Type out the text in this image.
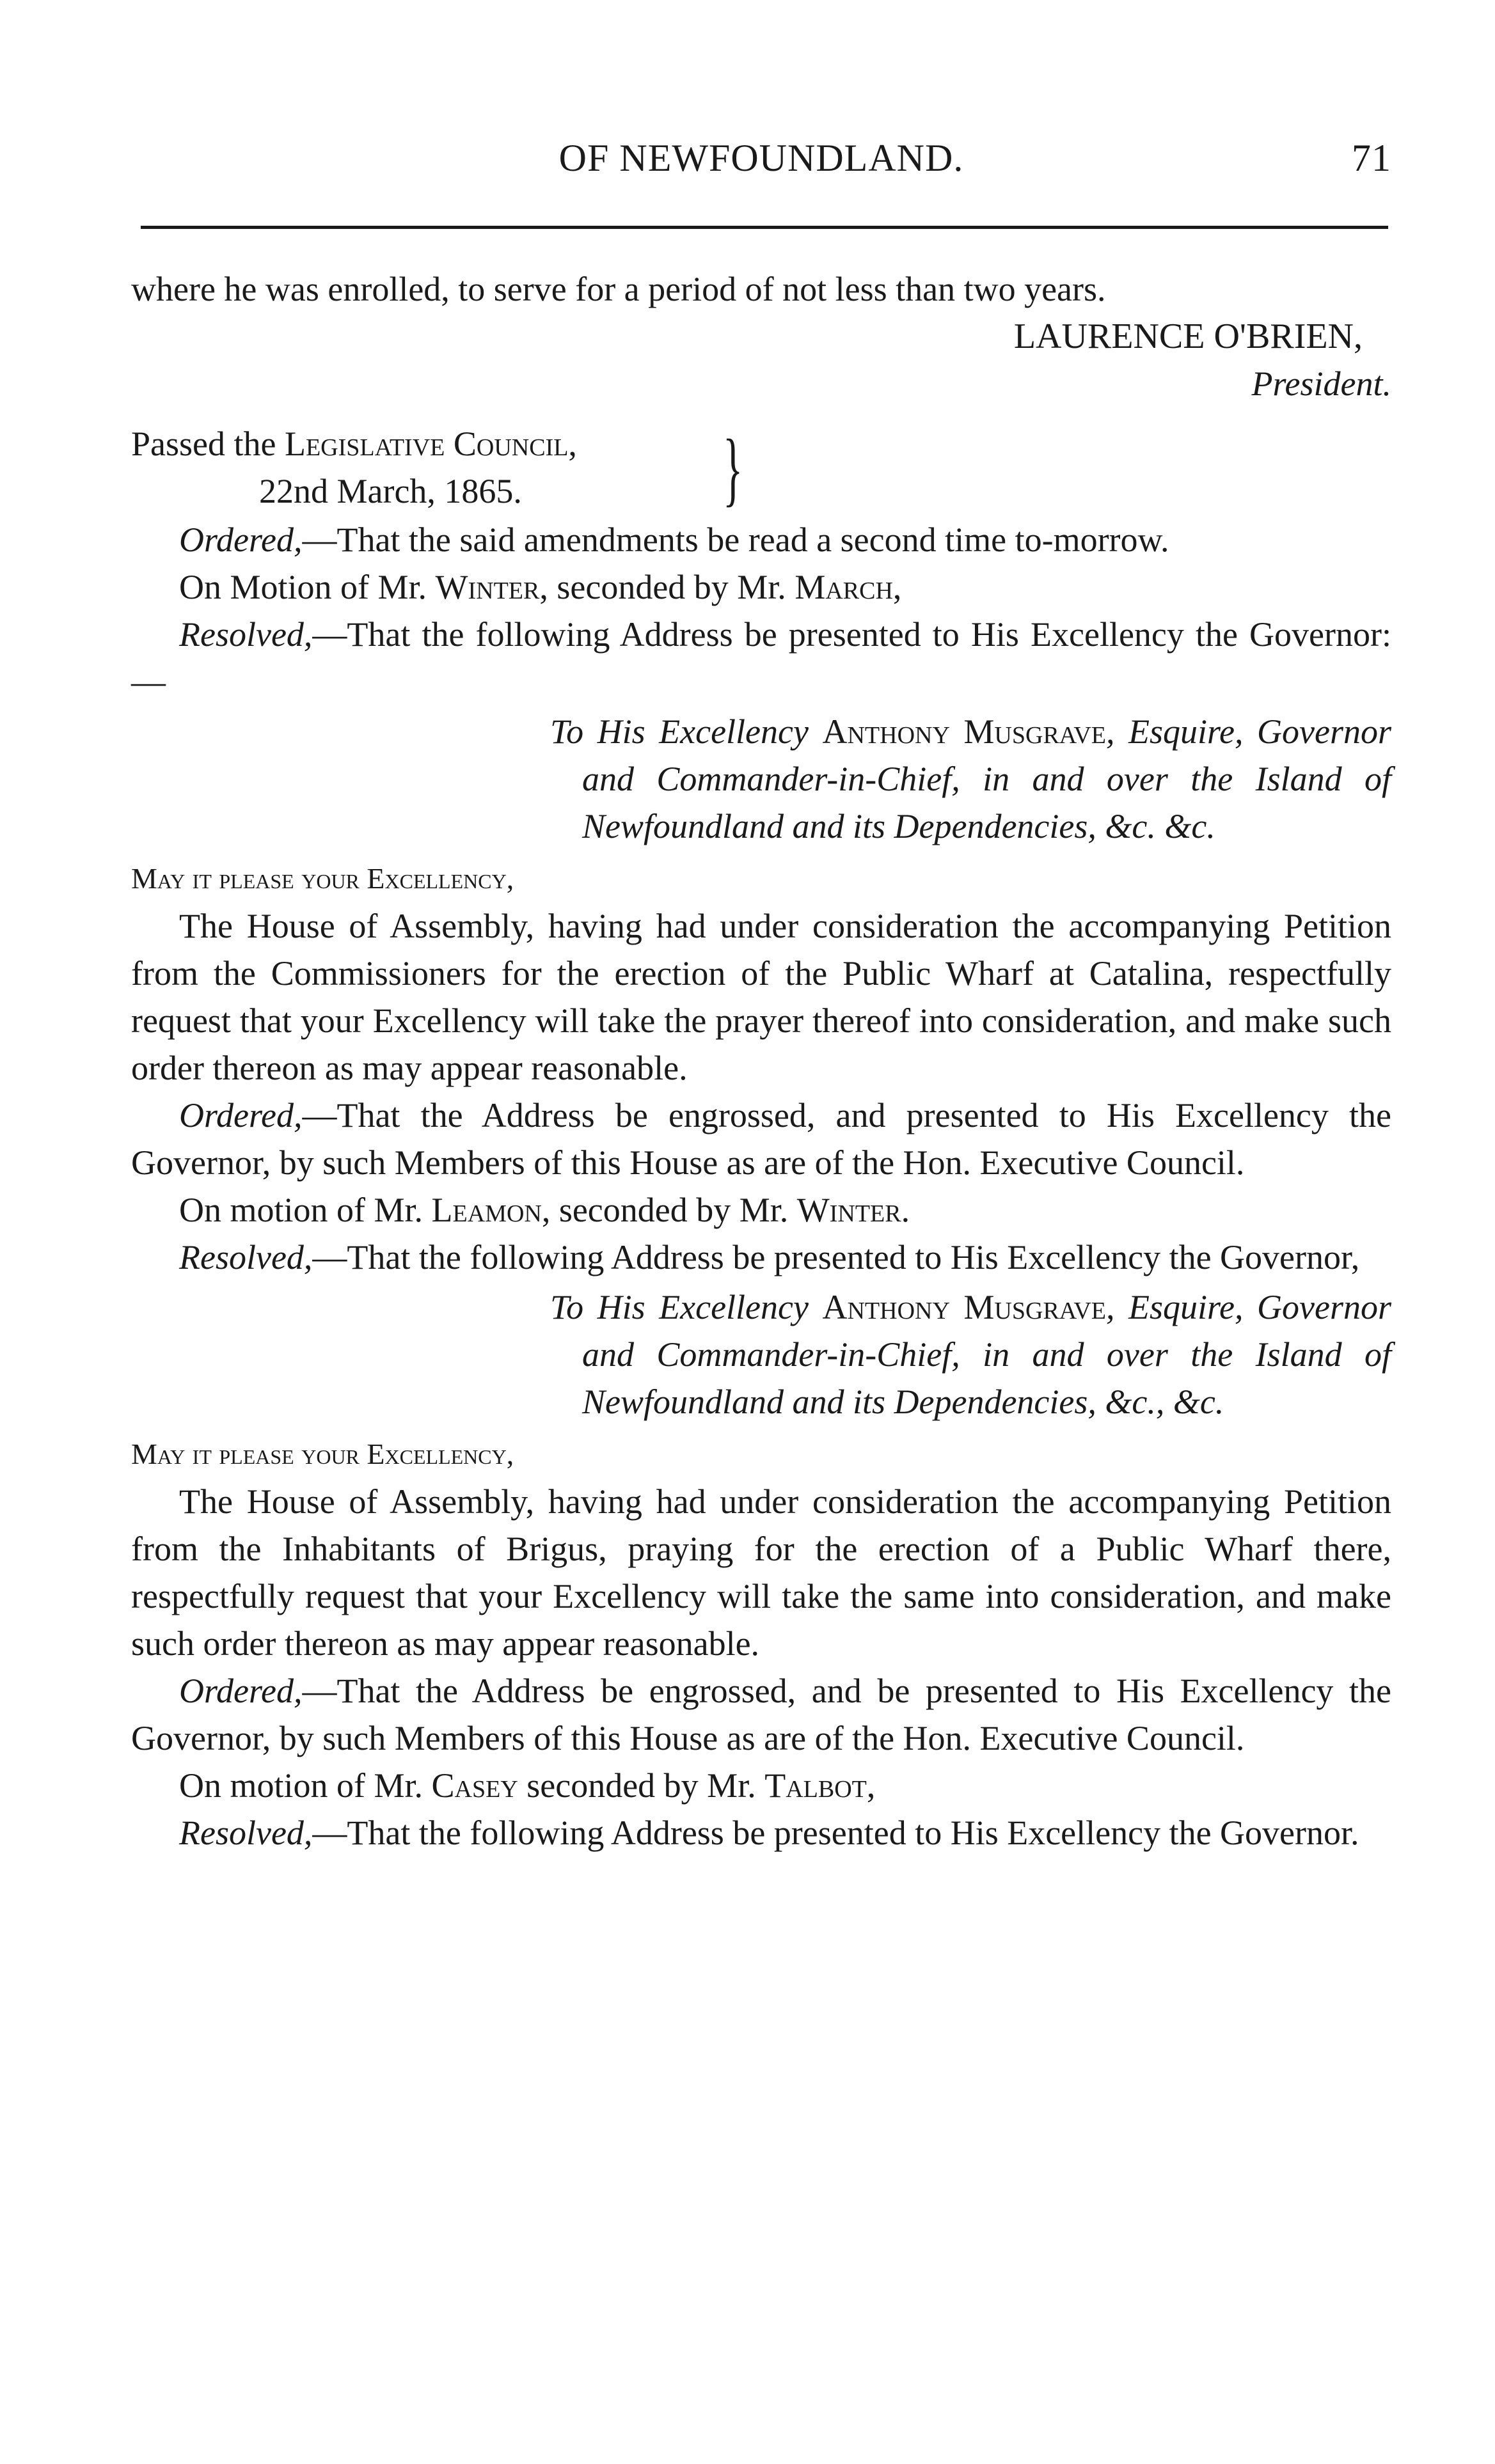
OF NEWFOUNDLAND.	71

where he was enrolled, to serve for a period of not less than two years.

LAURENCE O'BRIEN,
President.
Passed the Legislative Council,
22nd March, 1865. }

Ordered,—That the said amendments be read a second time to-morrow.

On Motion of Mr. Winter, seconded by Mr. March,

Resolved,—That the following Address be presented to His Excellency the Governor:—

To His Excellency Anthony Musgrave, Esquire, Governor and Commander-in-Chief, in and over the Island of Newfoundland and its Dependencies, &c. &c.

May it please your Excellency,

The House of Assembly, having had under consideration the accompanying Petition from the Commissioners for the erection of the Public Wharf at Catalina, respectfully request that your Excellency will take the prayer thereof into consideration, and make such order thereon as may appear reasonable.

Ordered,—That the Address be engrossed, and presented to His Excellency the Governor, by such Members of this House as are of the Hon. Executive Council.

On motion of Mr. Leamon, seconded by Mr. Winter.

Resolved,—That the following Address be presented to His Excellency the Governor,

To His Excellency Anthony Musgrave, Esquire, Governor and Commander-in-Chief, in and over the Island of Newfoundland and its Dependencies, &c., &c.

May it please your Excellency,

The House of Assembly, having had under consideration the accompanying Petition from the Inhabitants of Brigus, praying for the erection of a Public Wharf there, respectfully request that your Excellency will take the same into consideration, and make such order thereon as may appear reasonable.

Ordered,—That the Address be engrossed, and be presented to His Excellency the Governor, by such Members of this House as are of the Hon. Executive Council.

On motion of Mr. Casey seconded by Mr. Talbot,

Resolved,—That the following Address be presented to His Excellency the Governor.
